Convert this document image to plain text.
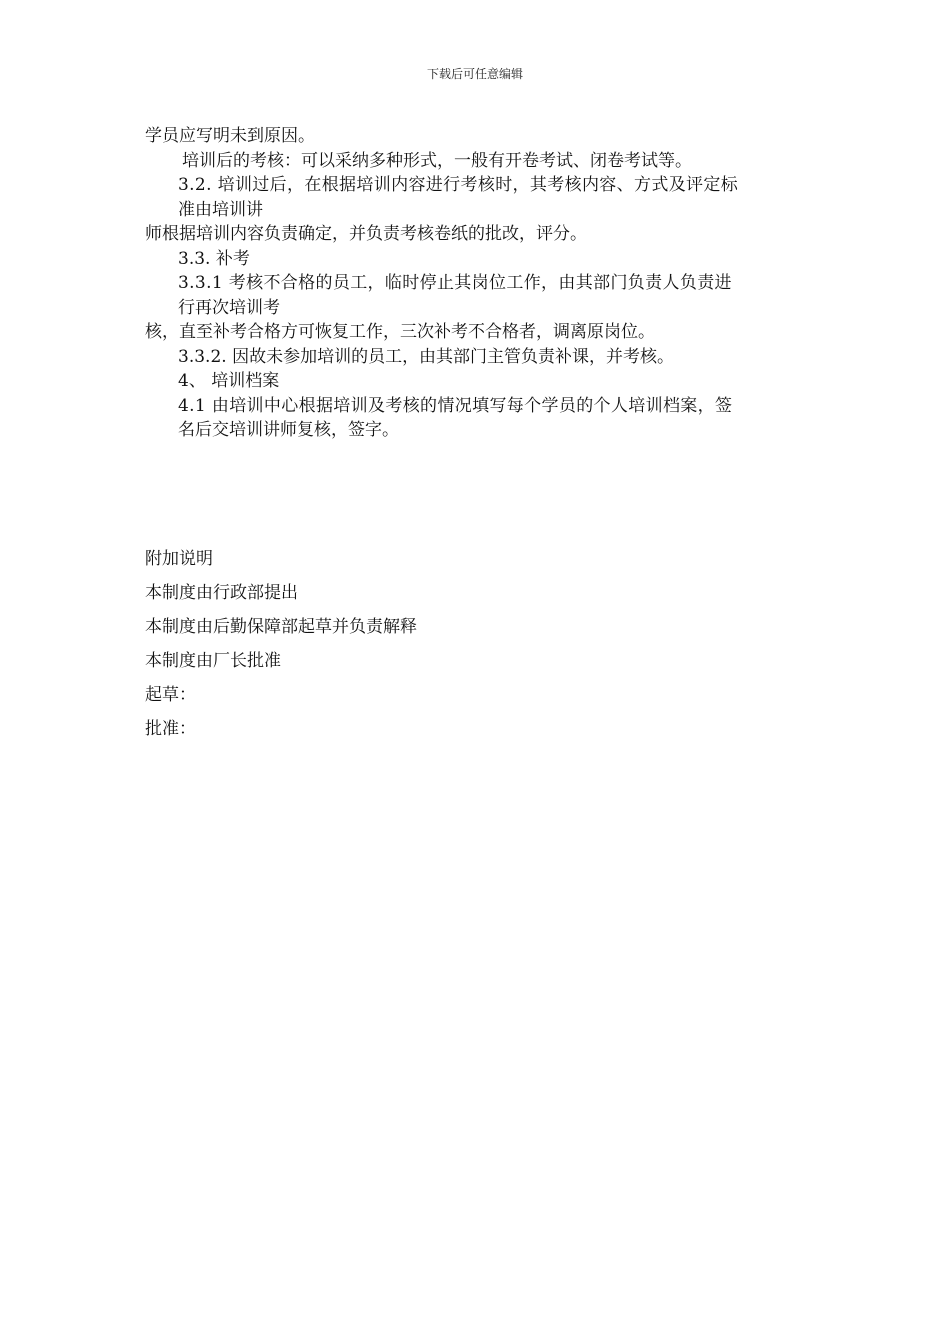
下载后可任意编辑
学员应写明未到原因。
培训后的考核：可以采纳多种形式，一般有开卷考试、闭卷考试等。
3.2. 培训过后，在根据培训内容进行考核时，其考核内容、方式及评定标
准由培训讲
师根据培训内容负责确定，并负责考核卷纸的批改，评分。
3.3. 补考
3.3.1 考核不合格的员工，临时停止其岗位工作，由其部门负责人负责进
行再次培训考
核，直至补考合格方可恢复工作，三次补考不合格者，调离原岗位。
3.3.2. 因故未参加培训的员工，由其部门主管负责补课，并考核。
4、 培训档案
4.1 由培训中心根据培训及考核的情况填写每个学员的个人培训档案，签
名后交培训讲师复核，签字。
附加说明
本制度由行政部提出
本制度由后勤保障部起草并负责解释
本制度由厂长批准
起草：
批准：
